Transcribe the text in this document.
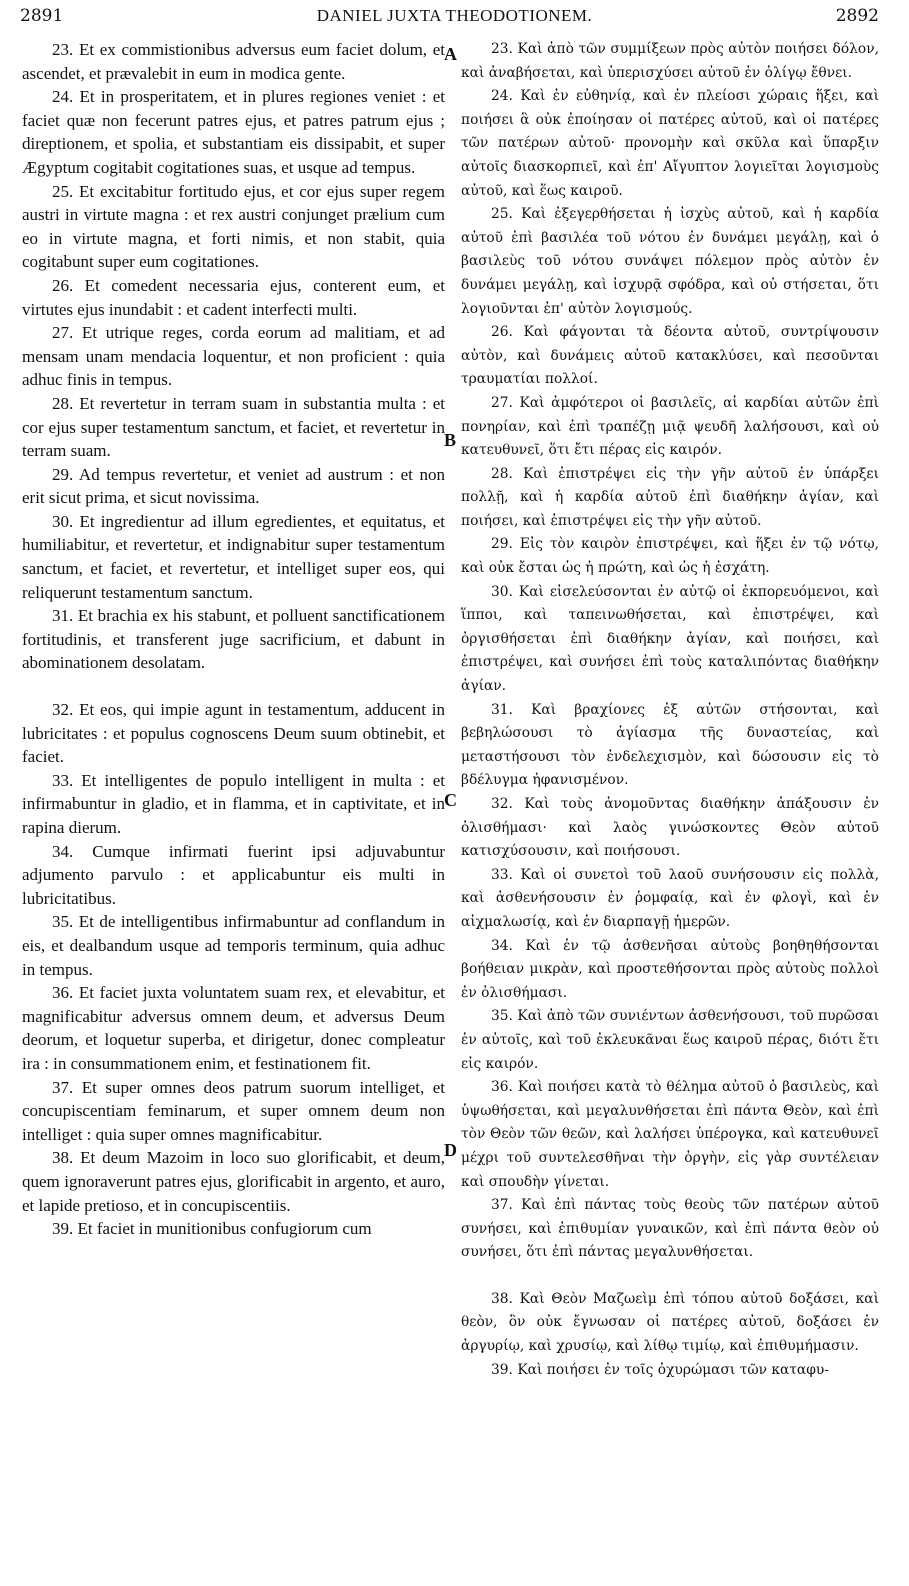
2891	DANIEL JUXTA THEODOTIONEM.	2892
A
B
C
D

23. Et ex commistionibus adversus eum faciet dolum, et ascendet, et prævalebit in eum in modica gente.

24. Et in prosperitatem, et in plures regiones veniet : et faciet quæ non fecerunt patres ejus, et patres patrum ejus ; direptionem, et spolia, et substantiam eis dissipabit, et super Ægyptum cogitabit cogitationes suas, et usque ad tempus.

25. Et excitabitur fortitudo ejus, et cor ejus super regem austri in virtute magna : et rex austri conjunget prælium cum eo in virtute magna, et forti nimis, et non stabit, quia cogitabunt super eum cogitationes.

26. Et comedent necessaria ejus, conterent eum, et virtutes ejus inundabit : et cadent interfecti multi.

27. Et utrique reges, corda eorum ad malitiam, et ad mensam unam mendacia loquentur, et non proficient : quia adhuc finis in tempus.

28. Et revertetur in terram suam in substantia multa : et cor ejus super testamentum sanctum, et faciet, et revertetur in terram suam.

29. Ad tempus revertetur, et veniet ad austrum : et non erit sicut prima, et sicut novissima.

30. Et ingredientur ad illum egredientes, et equitatus, et humiliabitur, et revertetur, et indignabitur super testamentum sanctum, et faciet, et revertetur, et intelliget super eos, qui reliquerunt testamentum sanctum.

31. Et brachia ex his stabunt, et polluent sanctificationem fortitudinis, et transferent juge sacrificium, et dabunt in abominationem desolatam.

32. Et eos, qui impie agunt in testamentum, adducent in lubricitates : et populus cognoscens Deum suum obtinebit, et faciet.

33. Et intelligentes de populo intelligent in multa : et infirmabuntur in gladio, et in flamma, et in captivitate, et in rapina dierum.

34. Cumque infirmati fuerint ipsi adjuvabuntur adjumento parvulo : et applicabuntur eis multi in lubricitatibus.

35. Et de intelligentibus infirmabuntur ad conflandum in eis, et dealbandum usque ad temporis terminum, quia adhuc in tempus.

36. Et faciet juxta voluntatem suam rex, et elevabitur, et magnificabitur adversus omnem deum, et adversus Deum deorum, et loquetur superba, et dirigetur, donec compleatur ira : in consummationem enim, et festinationem fit.

37. Et super omnes deos patrum suorum intelliget, et concupiscentiam feminarum, et super omnem deum non intelliget : quia super omnes magnificabitur.

38. Et deum Mazoim in loco suo glorificabit, et deum, quem ignoraverunt patres ejus, glorificabit in argento, et auro, et lapide pretioso, et in concupiscentiis.

39. Et faciet in munitionibus confugiorum cum

23. Καὶ ἀπὸ τῶν συμμίξεων πρὸς αὐτὸν ποιήσει δόλον, καὶ ἀναβήσεται, καὶ ὑπερισχύσει αὐτοῦ ἐν ὀλίγῳ ἔθνει.

24. Καὶ ἐν εὐθηνίᾳ, καὶ ἐν πλείοσι χώραις ἥξει, καὶ ποιήσει ἃ οὐκ ἐποίησαν οἱ πατέρες αὐτοῦ, καὶ οἱ πατέρες τῶν πατέρων αὐτοῦ· προνομὴν καὶ σκῦλα καὶ ὕπαρξιν αὐτοῖς διασκορπιεῖ, καὶ ἐπ' Αἴγυπτον λογιεῖται λογισμοὺς αὐτοῦ, καὶ ἕως καιροῦ.

25. Καὶ ἐξεγερθήσεται ἡ ἰσχὺς αὐτοῦ, καὶ ἡ καρδία αὐτοῦ ἐπὶ βασιλέα τοῦ νότου ἐν δυνάμει μεγάλῃ, καὶ ὁ βασιλεὺς τοῦ νότου συνάψει πόλεμον πρὸς αὐτὸν ἐν δυνάμει μεγάλῃ, καὶ ἰσχυρᾷ σφόδρα, καὶ οὐ στήσεται, ὅτι λογιοῦνται ἐπ' αὐτὸν λογισμούς.

26. Καὶ φάγονται τὰ δέοντα αὐτοῦ, συντρίψουσιν αὐτὸν, καὶ δυνάμεις αὐτοῦ κατακλύσει, καὶ πεσοῦνται τραυματίαι πολλοί.

27. Καὶ ἀμφότεροι οἱ βασιλεῖς, αἱ καρδίαι αὐτῶν ἐπὶ πονηρίαν, καὶ ἐπὶ τραπέζῃ μιᾷ ψευδῆ λαλήσουσι, καὶ οὐ κατευθυνεῖ, ὅτι ἔτι πέρας εἰς καιρόν.

28. Καὶ ἐπιστρέψει εἰς τὴν γῆν αὐτοῦ ἐν ὑπάρξει πολλῇ, καὶ ἡ καρδία αὐτοῦ ἐπὶ διαθήκην ἁγίαν, καὶ ποιήσει, καὶ ἐπιστρέψει εἰς τὴν γῆν αὐτοῦ.

29. Εἰς τὸν καιρὸν ἐπιστρέψει, καὶ ἥξει ἐν τῷ νότῳ, καὶ οὐκ ἔσται ὡς ἡ πρώτη, καὶ ὡς ἡ ἐσχάτη.

30. Καὶ εἰσελεύσονται ἐν αὐτῷ οἱ ἐκπορευόμενοι, καὶ ἵπποι, καὶ ταπεινωθήσεται, καὶ ἐπιστρέψει, καὶ ὀργισθήσεται ἐπὶ διαθήκην ἁγίαν, καὶ ποιήσει, καὶ ἐπιστρέψει, καὶ συνήσει ἐπὶ τοὺς καταλιπόντας διαθήκην ἁγίαν.

31. Καὶ βραχίονες ἐξ αὐτῶν στήσονται, καὶ βεβηλώσουσι τὸ ἁγίασμα τῆς δυναστείας, καὶ μεταστήσουσι τὸν ἐνδελεχισμὸν, καὶ δώσουσιν εἰς τὸ βδέλυγμα ἠφανισμένον.

32. Καὶ τοὺς ἀνομοῦντας διαθήκην ἀπάξουσιν ἐν ὀλισθήμασι· καὶ λαὸς γινώσκοντες Θεὸν αὐτοῦ κατισχύσουσιν, καὶ ποιήσουσι.

33. Καὶ οἱ συνετοὶ τοῦ λαοῦ συνήσουσιν εἰς πολλὰ, καὶ ἀσθενήσουσιν ἐν ῥομφαίᾳ, καὶ ἐν φλογὶ, καὶ ἐν αἰχμαλωσίᾳ, καὶ ἐν διαρπαγῇ ἡμερῶν.

34. Καὶ ἐν τῷ ἀσθενῆσαι αὐτοὺς βοηθηθήσονται βοήθειαν μικρὰν, καὶ προστεθήσονται πρὸς αὐτοὺς πολλοὶ ἐν ὀλισθήμασι.

35. Καὶ ἀπὸ τῶν συνιέντων ἀσθενήσουσι, τοῦ πυρῶσαι ἐν αὐτοῖς, καὶ τοῦ ἐκλευκᾶναι ἕως καιροῦ πέρας, διότι ἔτι εἰς καιρόν.

36. Καὶ ποιήσει κατὰ τὸ θέλημα αὐτοῦ ὁ βασιλεὺς, καὶ ὑψωθήσεται, καὶ μεγαλυνθήσεται ἐπὶ πάντα Θεὸν, καὶ ἐπὶ τὸν Θεὸν τῶν θεῶν, καὶ λαλήσει ὑπέρογκα, καὶ κατευθυνεῖ μέχρι τοῦ συντελεσθῆναι τὴν ὀργὴν, εἰς γὰρ συντέλειαν καὶ σπουδὴν γίνεται.

37. Καὶ ἐπὶ πάντας τοὺς θεοὺς τῶν πατέρων αὐτοῦ συνήσει, καὶ ἐπιθυμίαν γυναικῶν, καὶ ἐπὶ πάντα θεὸν οὐ συνήσει, ὅτι ἐπὶ πάντας μεγαλυνθήσεται.

38. Καὶ Θεὸν Μαζωεὶμ ἐπὶ τόπου αὐτοῦ δοξάσει, καὶ θεὸν, ὃν οὐκ ἔγνωσαν οἱ πατέρες αὐτοῦ, δοξάσει ἐν ἀργυρίῳ, καὶ χρυσίῳ, καὶ λίθῳ τιμίῳ, καὶ ἐπιθυμήμασιν.

39. Καὶ ποιήσει ἐν τοῖς ὀχυρώμασι τῶν καταφυ-
